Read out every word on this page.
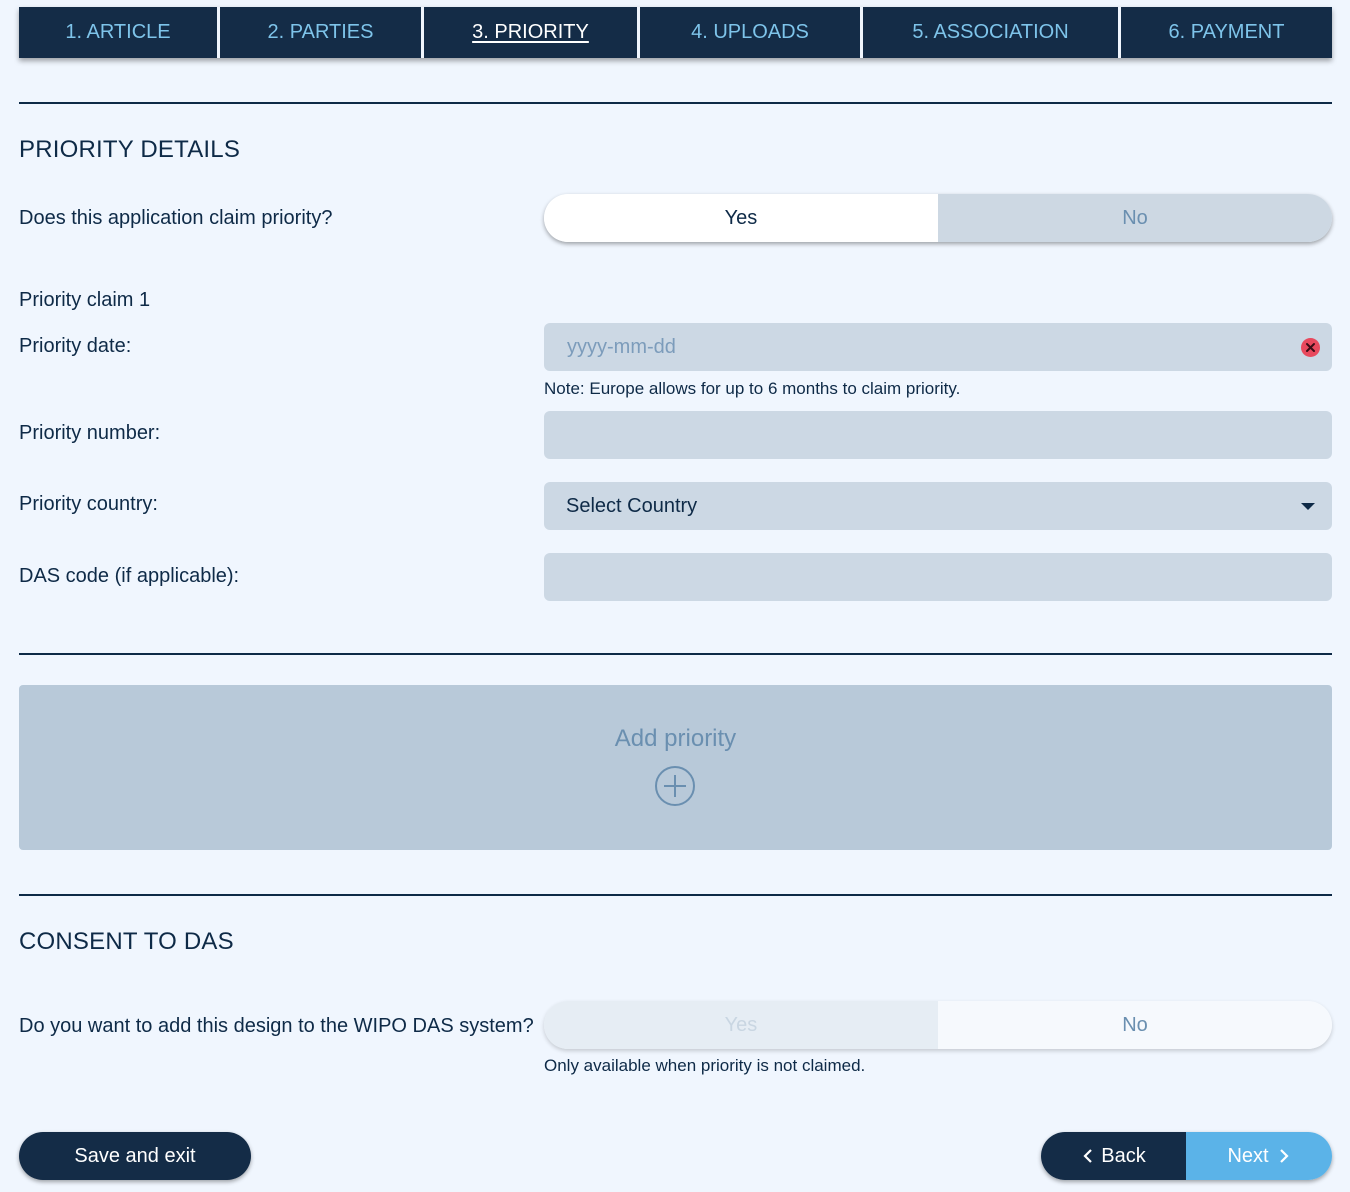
1. ARTICLE	2. PARTIES	3. PRIORITY	4. UPLOADS	5. ASSOCIATION	6. PAYMENT
PRIORITY DETAILS
Does this application claim priority?	Yes	No
Priority claim 1
Priority date:
yyyy-mm-dd
Note: Europe allows for up to 6 months to claim priority.
Priority number:
Priority country:	Select Country
DAS code (if applicable):
Add priority
CONSENT TO DAS
Do you want to add this design to the WIPO DAS system?	Yes	No
Only available when priority is not claimed.
Save and exit	Back	Next
